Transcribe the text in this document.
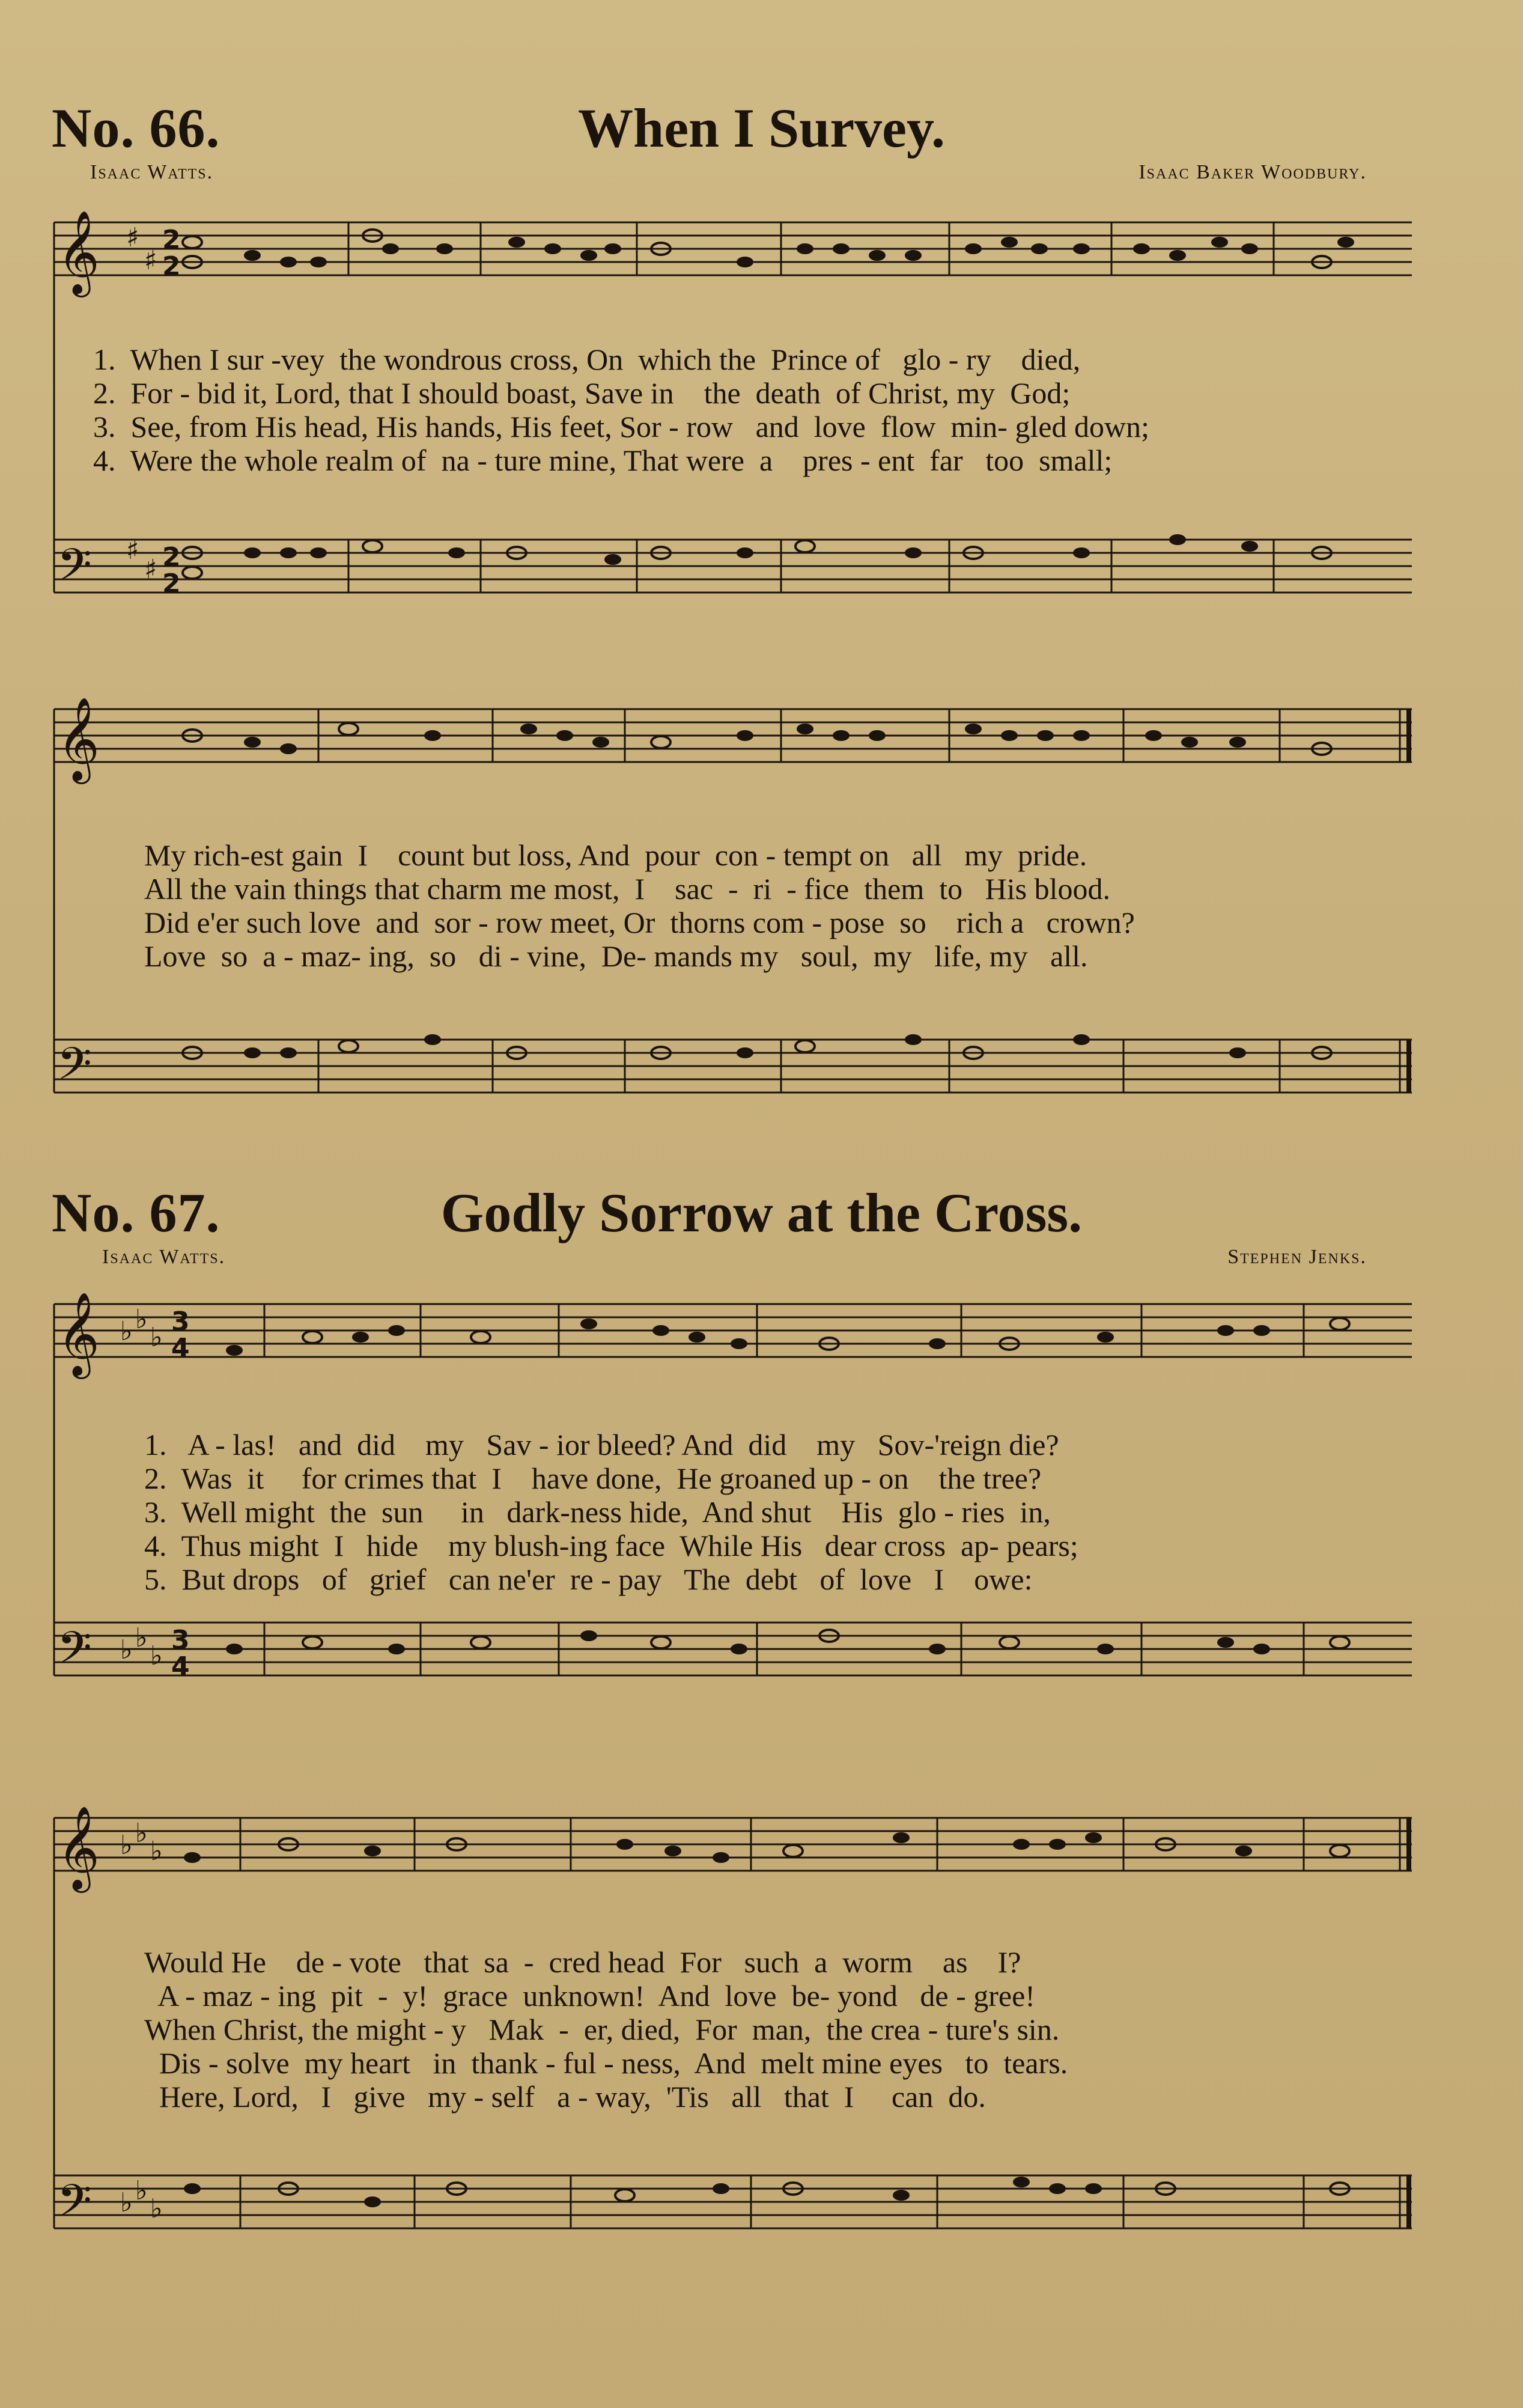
No. 66.	When I Survey.
Isaac Watts.	Isaac Baker Woodbury.
𝄞
𝄢
𝄞
𝄢
♯
♯
♯
♯
2
2
2
2
1.  When I sur -vey  the wondrous cross, On  which the  Prince of   glo - ry    died,
2.  For - bid it, Lord, that I should boast, Save in    the  death  of Christ, my  God;
3.  See, from His head, His hands, His feet, Sor - row   and  love  flow  min- gled down;
4.  Were the whole realm of  na - ture mine, That were  a    pres - ent  far   too  small;
My rich-est gain  I    count but loss, And  pour  con - tempt on   all   my  pride.
All the vain things that charm me most,  I    sac  -  ri  - fice  them  to   His blood.
Did e'er such love  and  sor - row meet, Or  thorns com - pose  so    rich a   crown?
Love  so  a - maz- ing,  so   di - vine,  De- mands my   soul,  my   life, my   all.
No. 67.	Godly Sorrow at the Cross.
Isaac Watts.	Stephen Jenks.
𝄞
𝄢
𝄞
𝄢
♭ ♭
♭
♭ ♭
♭
♭ ♭
♭
♭ ♭
♭
3
4
3
4
1.   A - las!   and  did    my   Sav - ior bleed? And  did    my   Sov-'reign die?
2.  Was  it     for crimes that  I    have done,  He groaned up - on    the tree?
3.  Well might  the  sun     in   dark-ness hide,  And shut    His  glo - ries  in,
4.  Thus might  I   hide    my blush-ing face  While His   dear cross  ap- pears;
5.  But drops   of   grief   can ne'er  re - pay   The  debt   of  love   I    owe:
Would He    de - vote   that  sa  -  cred head  For   such  a  worm    as    I?
A - maz - ing  pit  -  y!  grace  unknown!  And  love  be- yond   de - gree!
When Christ, the might - y   Mak  -  er, died,  For  man,  the crea - ture's sin.
Dis - solve  my heart   in  thank - ful - ness,  And  melt mine eyes   to  tears.
Here, Lord,   I   give   my - self   a - way,  'Tis   all   that  I     can  do.
